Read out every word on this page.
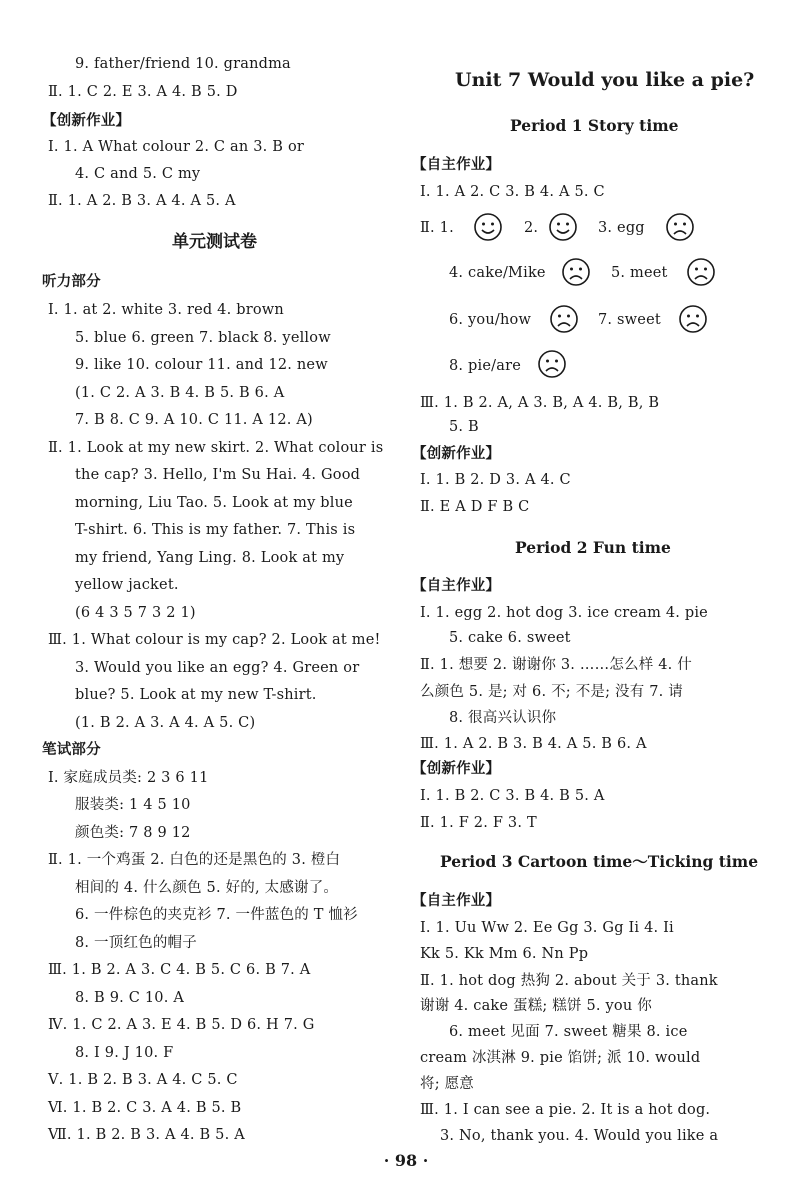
9. father/friend 10. grandma
Ⅱ. 1. C 2. E 3. A 4. B 5. D
【创新作业】
Ⅰ. 1. A What colour 2. C an 3. B or
4. C and 5. C my
Ⅱ. 1. A 2. B 3. A 4. A 5. A
单元测试卷
听力部分
Ⅰ. 1. at 2. white 3. red 4. brown
5. blue 6. green 7. black 8. yellow
9. like 10. colour 11. and 12. new
(1. C 2. A 3. B 4. B 5. B 6. A
7. B 8. C 9. A 10. C 11. A 12. A)
Ⅱ. 1. Look at my new skirt. 2. What colour is
the cap? 3. Hello, I'm Su Hai. 4. Good
morning, Liu Tao. 5. Look at my blue
T-shirt. 6. This is my father. 7. This is
my friend, Yang Ling. 8. Look at my
yellow jacket.
(6 4 3 5 7 3 2 1)
Ⅲ. 1. What colour is my cap? 2. Look at me!
3. Would you like an egg? 4. Green or
blue? 5. Look at my new T-shirt.
(1. B 2. A 3. A 4. A 5. C)
笔试部分
Ⅰ. 家庭成员类: 2 3 6 11
服装类: 1 4 5 10
颜色类: 7 8 9 12
Ⅱ. 1. 一个鸡蛋 2. 白色的还是黑色的 3. 橙白
相间的 4. 什么颜色 5. 好的, 太感谢了。
6. 一件棕色的夹克衫 7. 一件蓝色的 T 恤衫
8. 一顶红色的帽子
Ⅲ. 1. B 2. A 3. C 4. B 5. C 6. B 7. A
8. B 9. C 10. A
Ⅳ. 1. C 2. A 3. E 4. B 5. D 6. H 7. G
8. I 9. J 10. F
Ⅴ. 1. B 2. B 3. A 4. C 5. C
Ⅵ. 1. B 2. C 3. A 4. B 5. B
Ⅶ. 1. B 2. B 3. A 4. B 5. A
Unit 7 Would you like a pie?
Period 1 Story time
【自主作业】
Ⅰ. 1. A 2. C 3. B 4. A 5. C
Ⅱ. 1.	2.	3. egg
4. cake/Mike	5. meet
6. you/how	7. sweet
8. pie/are
Ⅲ. 1. B 2. A, A 3. B, A 4. B, B, B
5. B
【创新作业】
Ⅰ. 1. B 2. D 3. A 4. C
Ⅱ. E A D F B C
Period 2 Fun time
【自主作业】
Ⅰ. 1. egg 2. hot dog 3. ice cream 4. pie
5. cake 6. sweet
Ⅱ. 1. 想要 2. 谢谢你 3. ……怎么样 4. 什
么颜色 5. 是; 对 6. 不; 不是; 没有 7. 请
8. 很高兴认识你
Ⅲ. 1. A 2. B 3. B 4. A 5. B 6. A
【创新作业】
Ⅰ. 1. B 2. C 3. B 4. B 5. A
Ⅱ. 1. F 2. F 3. T
Period 3 Cartoon time～Ticking time
【自主作业】
Ⅰ. 1. Uu Ww 2. Ee Gg 3. Gg Ii 4. Ii
Kk 5. Kk Mm 6. Nn Pp
Ⅱ. 1. hot dog 热狗 2. about 关于 3. thank
谢谢 4. cake 蛋糕; 糕饼 5. you 你
6. meet 见面 7. sweet 糖果 8. ice
cream 冰淇淋 9. pie 馅饼; 派 10. would
将; 愿意
Ⅲ. 1. I can see a pie. 2. It is a hot dog.
3. No, thank you. 4. Would you like a
· 98 ·
